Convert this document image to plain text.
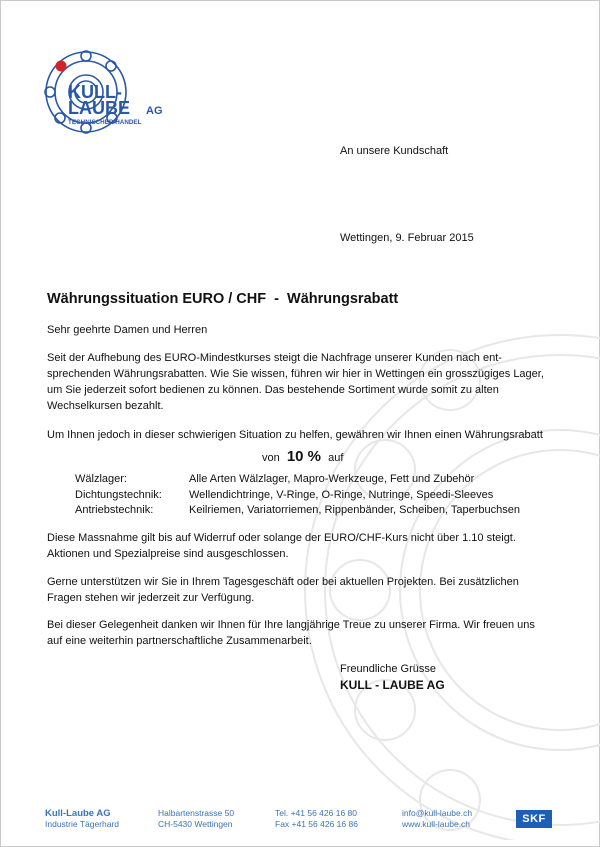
KULL-
LAUBE AG
TECHNISCHER HANDEL
An unsere Kundschaft
Wettingen, 9. Februar 2015
Währungssituation EURO / CHF  -  Währungsrabatt
Sehr geehrte Damen und Herren
Seit der Aufhebung des EURO-Mindestkurses steigt die Nachfrage unserer Kunden nach ent-sprechenden Währungsrabatten. Wie Sie wissen, führen wir hier in Wettingen ein grosszügiges Lager, um Sie jederzeit sofort bedienen zu können. Das bestehende Sortiment wurde somit zu alten Wechselkursen bezahlt.
Um Ihnen jedoch in dieser schwierigen Situation zu helfen, gewähren wir Ihnen einen Währungsrabatt
von 10 % auf
Wälzlager:	Alle Arten Wälzlager, Mapro-Werkzeuge, Fett und Zubehör
Dichtungstechnik:	Wellendichtringe, V-Ringe, O-Ringe, Nutringe, Speedi-Sleeves
Antriebstechnik:	Keilriemen, Variatorriemen, Rippenbänder, Scheiben, Taperbuchsen
Diese Massnahme gilt bis auf Widerruf oder solange der EURO/CHF-Kurs nicht über 1.10 steigt. Aktionen und Spezialpreise sind ausgeschlossen.
Gerne unterstützen wir Sie in Ihrem Tagesgeschäft oder bei aktuellen Projekten. Bei zusätzlichen Fragen stehen wir jederzeit zur Verfügung.
Bei dieser Gelegenheit danken wir Ihnen für Ihre langjährige Treue zu unserer Firma. Wir freuen uns auf eine weiterhin partnerschaftliche Zusammenarbeit.
Freundliche Grüsse
KULL - LAUBE AG
Kull-Laube AG
Industrie Tägerhard
Halbartenstrasse 50
CH-5430 Wettingen
Tel. +41 56 426 16 80
Fax +41 56 426 16 86
info@kull-laube.ch
www.kull-laube.ch	SKF
